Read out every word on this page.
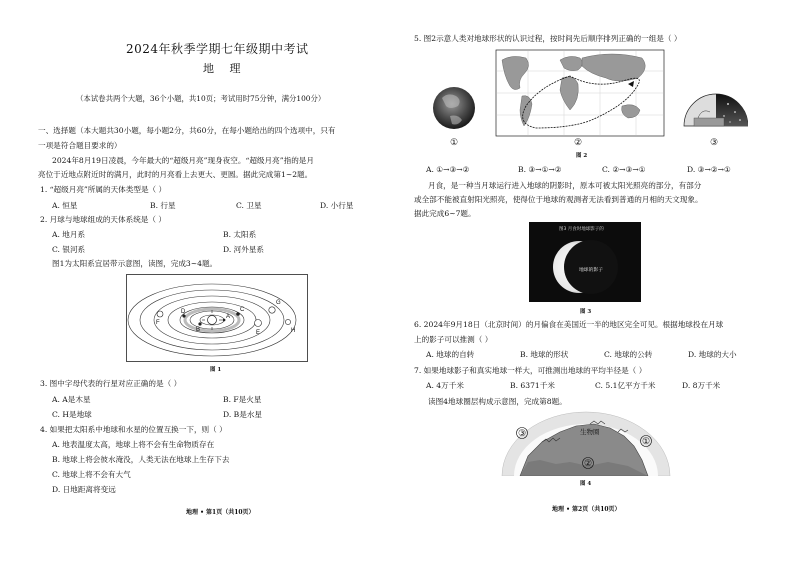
2024年秋季学期七年级期中考试
地 理
（本试卷共两个大题，36个小题，共10页；考试用时75分钟，满分100分）
一、选择题（本大题共30小题，每小题2分，共60分，在每小题给出的四个选项中，只有
一项是符合题目要求的）
2024年8月19日凌晨，今年最大的“超级月亮”现身夜空。“超级月亮”指的是月
亮位于近地点附近时的满月，此时的月亮看上去更大、更圆。据此完成第1~2题。
1. “超级月亮”所属的天体类型是（ ）
A. 恒星	B. 行星	C. 卫星	D. 小行星
2. 月球与地球组成的天体系统是（ ）
A. 地月系	B. 太阳系
C. 银河系	D. 河外星系
图1为太阳系宜居带示意图，读图，完成3~4题。
A
B
C
D
E
F
G
H
图 1
3. 图中字母代表的行星对应正确的是（ ）
A. A是木星	B. F是火星
C. H是地球	D. B是水星
4. 如果把太阳系中地球和水星的位置互换一下，则（ ）
A. 地表温度太高，地球上将不会有生命物质存在
B. 地球上将会彼水淹没，人类无法在地球上生存下去
C. 地球上将不会有大气
D. 日地距离将变远
地理 • 第1页（共10页）
5. 图2示意人类对地球形状的认识过程，按时间先后顺序排列正确的一组是（ ）
①	②	③
图 2
A. ①→③→②	B. ③→①→②	C. ②→③→①	D. ③→②→①
月食，是一种当月球运行进入地球的阴影时，原本可被太阳光照亮的部分，有部分
或全部不能被直射阳光照亮，使得位于地球的观测者无法看到普通的月相的天文现象。
据此完成6~7题。
图3 月食时地球影子的
地球的影子
图 3
6. 2024年9月18日（北京时间）的月偏食在美国近一半的地区完全可见。根据地球投在月球
上的影子可以推测（ ）
A. 地球的自转	B. 地球的形状	C. 地球的公转	D. 地球的大小
7. 如果地球影子和真实地球一样大，可推测出地球的平均半径是（ ）
A. 4万千米	B. 6371千米	C. 5.1亿平方千米	D. 8万千米
读图4地球圈层构成示意图，完成第8题。
③
②
①
生物圈
图 4
地理 • 第2页（共10页）
